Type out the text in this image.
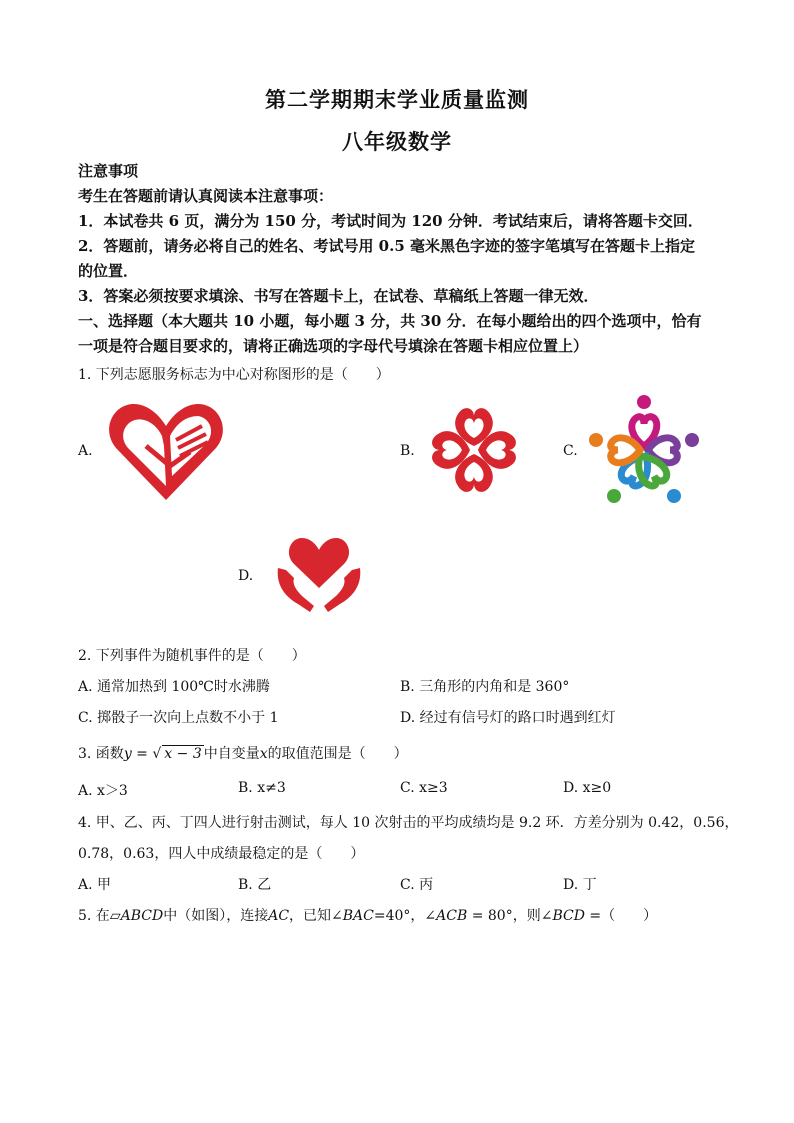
第二学期期末学业质量监测
八年级数学
注意事项
考生在答题前请认真阅读本注意事项：
1．本试卷共 6 页，满分为 150 分，考试时间为 120 分钟．考试结束后，请将答题卡交回．
2．答题前，请务必将自己的姓名、考试号用 0.5 毫米黑色字迹的签字笔填写在答题卡上指定
的位置．
3．答案必须按要求填涂、书写在答题卡上，在试卷、草稿纸上答题一律无效．
一、选择题（本大题共 10 小题，每小题 3 分，共 30 分．在每小题给出的四个选项中，恰有
一项是符合题目要求的，请将正确选项的字母代号填涂在答题卡相应位置上）
1. 下列志愿服务标志为中心对称图形的是（　　）
A.	B.	C.
D.
2. 下列事件为随机事件的是（　　）
A. 通常加热到 100℃时水沸腾	B. 三角形的内角和是 360°
C. 掷骰子一次向上点数不小于 1	D. 经过有信号灯的路口时遇到红灯
3. 函数y = √ x − 3 中自变量x的取值范围是（　　）
A. x＞3	B. x≠3	C. x≥3	D. x≥0
4. 甲、乙、丙、丁四人进行射击测试，每人 10 次射击的平均成绩均是 9.2 环．方差分别为 0.42，0.56，
0.78，0.63，四人中成绩最稳定的是（　　）
A. 甲	B. 乙	C. 丙	D. 丁
5. 在▱ABCD中（如图），连接AC，已知∠BAC=40°，∠ACB = 80°，则∠BCD =（　　）
